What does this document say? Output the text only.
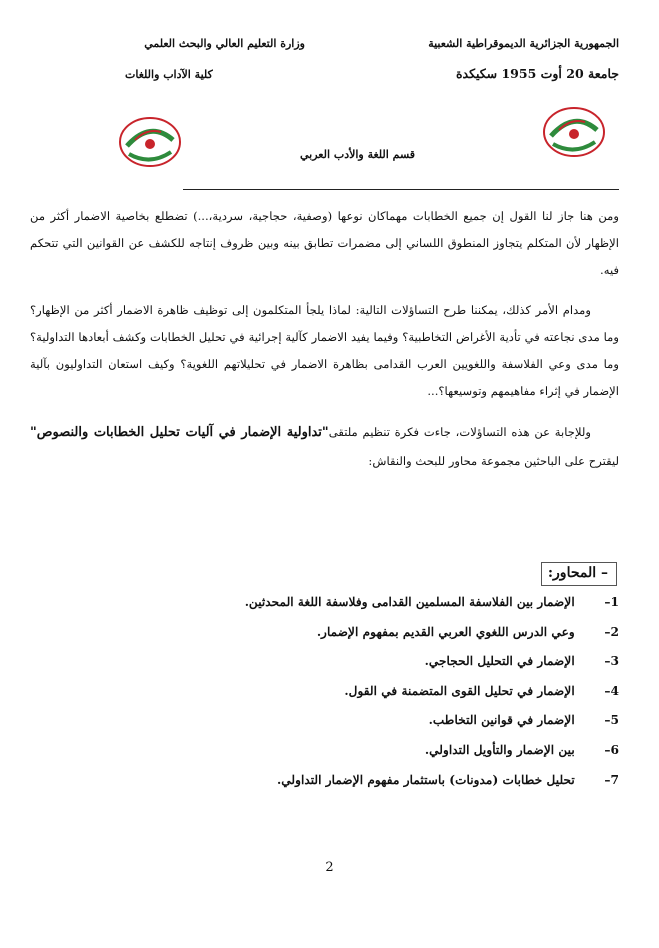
الجمهورية الجزائرية الديموقراطية الشعبية
جامعة 20 أوت 1955 سكيكدة
وزارة التعليم العالي والبحث العلمي
كلية الآداب واللغات
قسم اللغة والأدب العربي

ومن هنا جاز لنا القول إن جميع الخطابات مهماكان نوعها (وصفية، حجاجية، سردية،...) تضطلع بخاصية الاضمار أكثر من الإظهار لأن المتكلم يتجاوز المنطوق اللساني إلى مضمرات تطابق بينه وبين ظروف إنتاجه للكشف عن القوانين التي تتحكم فيه.

ومدام الأمر كذلك، يمكننا طرح التساؤلات التالية: لماذا يلجأ المتكلمون إلى توظيف ظاهرة الاضمار أكثر من الإظهار؟ وما مدى نجاعته في تأدية الأغراض التخاطبية؟ وفيما يفيد الاضمار كآلية إجرائية في تحليل الخطابات وكشف أبعادها التداولية؟ وما مدى وعي الفلاسفة واللغويين العرب القدامى بظاهرة الاضمار في تحليلاتهم اللغوية؟ وكيف استعان التداوليون بآلية الإضمار في إثراء مفاهيمهم وتوسيعها؟...

وللإجابة عن هذه التساؤلات، جاءت فكرة تنظيم ملتقى"تداولية الإضمار في آليات تحليل الخطابات والنصوص" ليقترح على الباحثين مجموعة محاور للبحث والنقاش:

– المحاور:
1– الإضمار بين الفلاسفة المسلمين القدامى وفلاسفة اللغة المحدثين.
2– وعي الدرس اللغوي العربي القديم بمفهوم الإضمار.
3– الإضمار في التحليل الحجاجي.
4– الإضمار في تحليل القوى المتضمنة في القول.
5– الإضمار في قوانين التخاطب.
6– بين الإضمار والتأويل التداولي.
7– تحليل خطابات (مدونات) باستثمار مفهوم الإضمار التداولي.
2
